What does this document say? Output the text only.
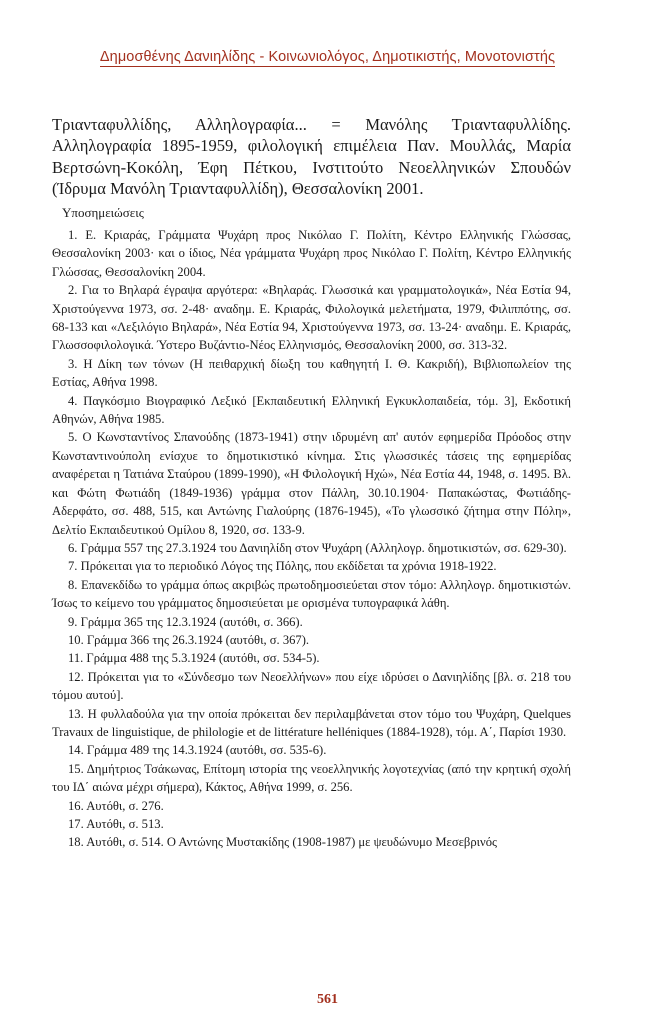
Δημοσθένης Δανιηλίδης - Κοινωνιολόγος, Δημοτικιστής, Μονοτονιστής

Τριανταφυλλίδης, Αλληλογραφία... = Μανόλης Τριανταφυλλίδης. Αλληλογραφία 1895-1959, φιλολογική επιμέλεια Παν. Μουλλάς, Μαρία Βερτσώνη-Κοκόλη, Έφη Πέτκου, Ινστιτούτο Νεοελληνικών Σπουδών (Ίδρυμα Μανόλη Τριανταφυλλίδη), Θεσσαλονίκη 2001.

Υποσημειώσεις

1. Ε. Κριαράς, Γράμματα Ψυχάρη προς Νικόλαο Γ. Πολίτη, Κέντρο Ελληνικής Γλώσσας, Θεσσαλονίκη 2003· και ο ίδιος, Νέα γράμματα Ψυχάρη προς Νικόλαο Γ. Πολίτη, Κέντρο Ελληνικής Γλώσσας, Θεσσαλονίκη 2004.

2. Για το Βηλαρά έγραψα αργότερα: «Βηλαράς. Γλωσσικά και γραμματολογικά», Νέα Εστία 94, Χριστούγεννα 1973, σσ. 2-48· αναδημ. Ε. Κριαράς, Φιλολογικά μελετήματα, 1979, Φιλιππότης, σσ. 68-133 και «Λεξιλόγιο Βηλαρά», Νέα Εστία 94, Χριστούγεννα 1973, σσ. 13-24· αναδημ. Ε. Κριαράς, Γλωσσοφιλολογικά. Ύστερο Βυζάντιο-Νέος Ελληνισμός, Θεσσαλονίκη 2000, σσ. 313-32.

3. Η Δίκη των τόνων (Η πειθαρχική δίωξη του καθηγητή Ι. Θ. Κακριδή), Βιβλιοπωλείον της Εστίας, Αθήνα 1998.

4. Παγκόσμιο Βιογραφικό Λεξικό [Εκπαιδευτική Ελληνική Εγκυκλοπαιδεία, τόμ. 3], Εκδοτική Αθηνών, Αθήνα 1985.

5. Ο Κωνσταντίνος Σπανούδης (1873-1941) στην ιδρυμένη απ' αυτόν εφημερίδα Πρόοδος στην Κωνσταντινούπολη ενίσχυε το δημοτικιστικό κίνημα. Στις γλωσσικές τάσεις της εφημερίδας αναφέρεται η Τατιάνα Σταύρου (1899-1990), «Η Φιλολογική Ηχώ», Νέα Εστία 44, 1948, σ. 1495. Βλ. και Φώτη Φωτιάδη (1849-1936) γράμμα στον Πάλλη, 30.10.1904· Παπακώστας, Φωτιάδης-Αδερφάτο, σσ. 488, 515, και Αντώνης Γιαλούρης (1876-1945), «Το γλωσσικό ζήτημα στην Πόλη», Δελτίο Εκπαιδευτικού Ομίλου 8, 1920, σσ. 133-9.

6. Γράμμα 557 της 27.3.1924 του Δανιηλίδη στον Ψυχάρη (Αλληλογρ. δημοτικιστών, σσ. 629-30).

7. Πρόκειται για το περιοδικό Λόγος της Πόλης, που εκδίδεται τα χρόνια 1918-1922.

8. Επανεκδίδω το γράμμα όπως ακριβώς πρωτοδημοσιεύεται στον τόμο: Αλληλογρ. δημοτικιστών. Ίσως το κείμενο του γράμματος δημοσιεύεται με ορισμένα τυπογραφικά λάθη.

9. Γράμμα 365 της 12.3.1924 (αυτόθι, σ. 366).

10. Γράμμα 366 της 26.3.1924 (αυτόθι, σ. 367).

11. Γράμμα 488 της 5.3.1924 (αυτόθι, σσ. 534-5).

12. Πρόκειται για το «Σύνδεσμο των Νεοελλήνων» που είχε ιδρύσει ο Δανιηλίδης [βλ. σ. 218 του τόμου αυτού].

13. Η φυλλαδούλα για την οποία πρόκειται δεν περιλαμβάνεται στον τόμο του Ψυχάρη, Quelques Travaux de linguistique, de philologie et de littérature helléniques (1884-1928), τόμ. Α΄, Παρίσι 1930.

14. Γράμμα 489 της 14.3.1924 (αυτόθι, σσ. 535-6).

15. Δημήτριος Τσάκωνας, Επίτομη ιστορία της νεοελληνικής λογοτεχνίας (από την κρητική σχολή του ΙΔ΄ αιώνα μέχρι σήμερα), Κάκτος, Αθήνα 1999, σ. 256.

16. Αυτόθι, σ. 276.

17. Αυτόθι, σ. 513.

18. Αυτόθι, σ. 514. Ο Αντώνης Μυστακίδης (1908-1987) με ψευδώνυμο Μεσεβρινός

561
